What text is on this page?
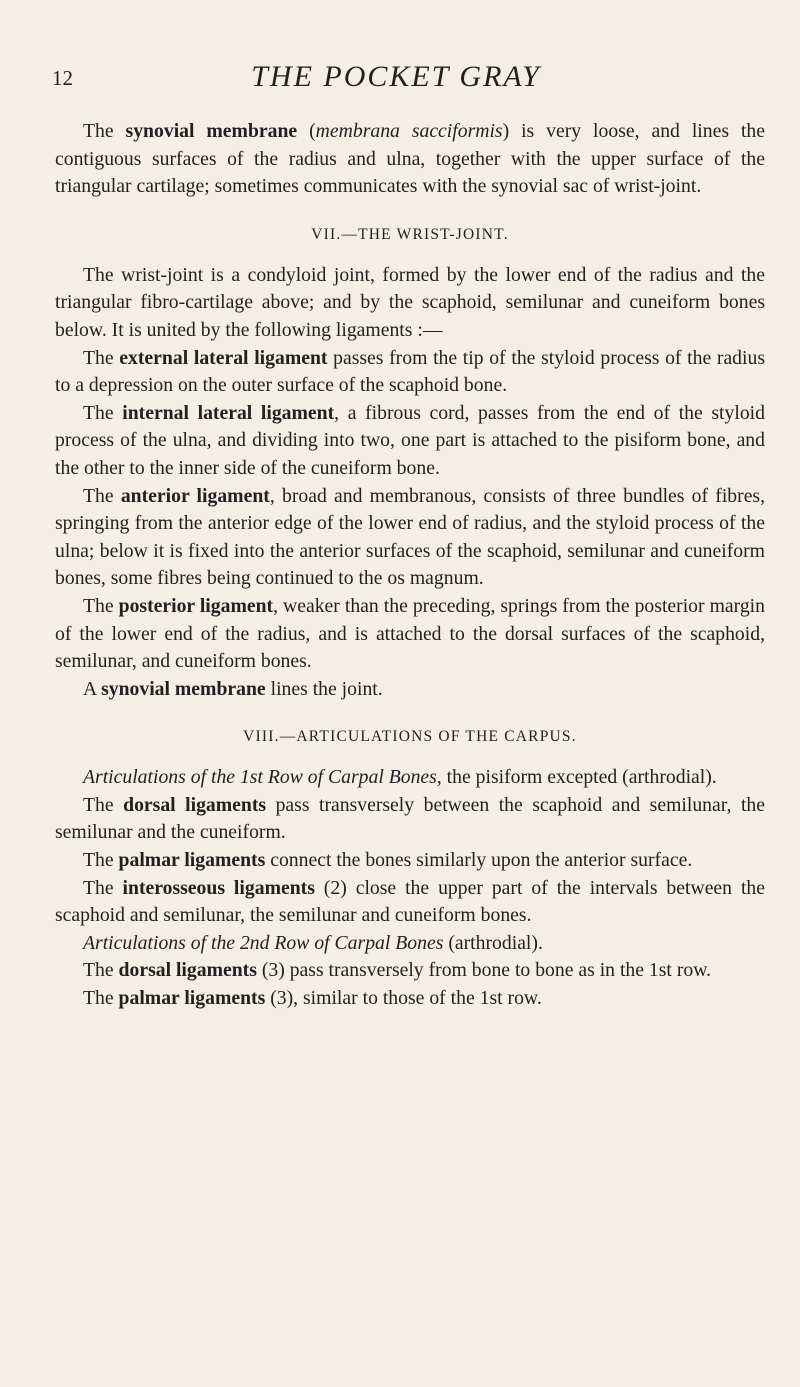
12	THE POCKET GRAY

The synovial membrane (membrana sacciformis) is very loose, and lines the contiguous surfaces of the radius and ulna, together with the upper surface of the triangular cartilage; sometimes communicates with the synovial sac of wrist-joint.

VII.—THE WRIST-JOINT.

The wrist-joint is a condyloid joint, formed by the lower end of the radius and the triangular fibro-cartilage above; and by the scaphoid, semilunar and cuneiform bones below. It is united by the following ligaments :—

The external lateral ligament passes from the tip of the styloid process of the radius to a depression on the outer surface of the scaphoid bone.

The internal lateral ligament, a fibrous cord, passes from the end of the styloid process of the ulna, and dividing into two, one part is attached to the pisiform bone, and the other to the inner side of the cuneiform bone.

The anterior ligament, broad and membranous, consists of three bundles of fibres, springing from the anterior edge of the lower end of radius, and the styloid process of the ulna; below it is fixed into the anterior surfaces of the scaphoid, semilunar and cuneiform bones, some fibres being continued to the os magnum.

The posterior ligament, weaker than the preceding, springs from the posterior margin of the lower end of the radius, and is attached to the dorsal surfaces of the scaphoid, semilunar, and cuneiform bones.

A synovial membrane lines the joint.

VIII.—ARTICULATIONS OF THE CARPUS.

Articulations of the 1st Row of Carpal Bones, the pisiform excepted (arthrodial).

The dorsal ligaments pass transversely between the scaphoid and semilunar, the semilunar and the cuneiform.

The palmar ligaments connect the bones similarly upon the anterior surface.

The interosseous ligaments (2) close the upper part of the intervals between the scaphoid and semilunar, the semilunar and cuneiform bones.

Articulations of the 2nd Row of Carpal Bones (arthrodial).

The dorsal ligaments (3) pass transversely from bone to bone as in the 1st row.

The palmar ligaments (3), similar to those of the 1st row.
